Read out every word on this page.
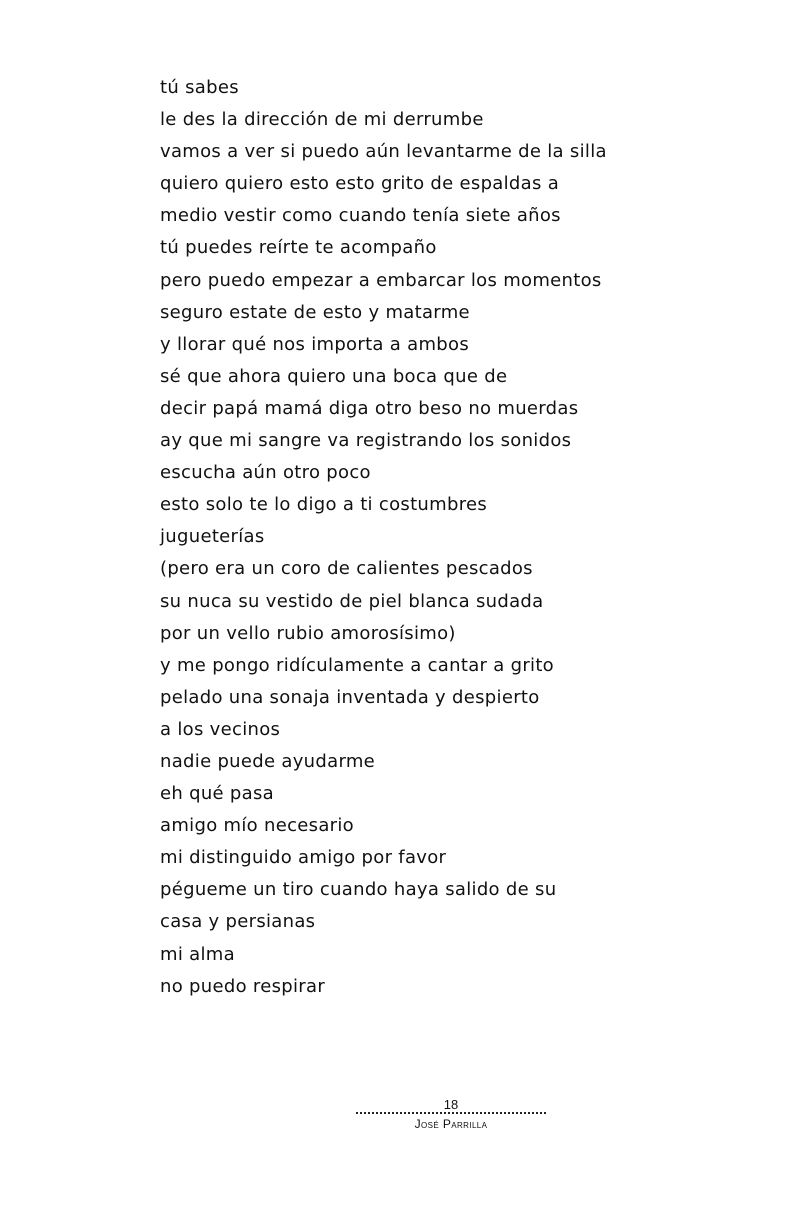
tú sabes
le des la dirección de mi derrumbe
vamos a ver si puedo aún levantarme de la silla
quiero quiero esto esto grito de espaldas a
medio vestir como cuando tenía siete años
tú puedes reírte te acompaño
pero puedo empezar a embarcar los momentos
seguro estate de esto y matarme
y llorar qué nos importa a ambos
sé que ahora quiero una boca que de
decir papá mamá diga otro beso no muerdas
ay que mi sangre va registrando los sonidos
escucha aún otro poco
esto solo te lo digo a ti costumbres
jugueterías
(pero era un coro de calientes pescados
su nuca su vestido de piel blanca sudada
por un vello rubio amorosísimo)
y me pongo ridículamente a cantar a grito
pelado una sonaja inventada y despierto
a los vecinos
nadie puede ayudarme
eh qué pasa
amigo mío necesario
mi distinguido amigo por favor
pégueme un tiro cuando haya salido de su
casa y persianas
mi alma
no puedo respirar
18
José Parrilla
